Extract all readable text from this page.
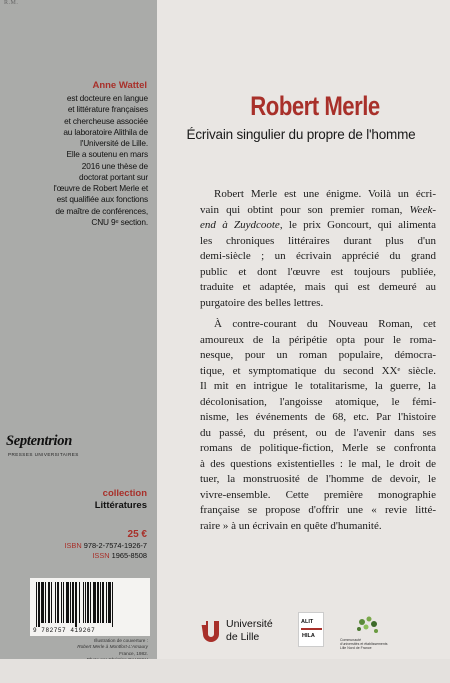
R.M.
Anne Wattel
est docteure en langue
et littérature françaises
et chercheuse associée
au laboratoire Alithila de
l'Université de Lille.
Elle a soutenu en mars
2016 une thèse de
doctorat portant sur
l'œuvre de Robert Merle et
est qualifiée aux fonctions
de maître de conférences,
CNU 9ᵉ section.
Septentrion
PRESSES UNIVERSITAIRES
collection
Littératures
25 €
ISBN 978-2-7574-1926-7
ISSN 1965-8508
9 782757 419267
Illustration de couverture :
Robert Merle à Montfort-L'Amaury
France, 1982.
Robert Merle
Écrivain singulier du propre de l'homme
Robert Merle est une énigme. Voilà un écri-
vain qui obtint pour son premier roman, Week-
end à Zuydcoote, le prix Goncourt, qui alimenta
les chroniques littéraires durant plus d'un
demi-siècle ; un écrivain apprécié du grand
public et dont l'œuvre est toujours publiée,
traduite et adaptée, mais qui est demeuré au
purgatoire des belles lettres.
À contre-courant du Nouveau Roman, cet
amoureux de la péripétie opta pour le roma-
nesque, pour un roman populaire, démocra-
tique, et symptomatique du second XXᵉ siècle.
Il mit en intrigue le totalitarisme, la guerre, la
décolonisation, l'angoisse atomique, le fémi-
nisme, les événements de 68, etc. Par l'histoire
du passé, du présent, ou de l'avenir dans ses
romans de politique-fiction, Merle se confronta
à des questions existentielles : le mal, le droit de
tuer, la monstruosité de l'homme de devoir, le
vivre-ensemble. Cette première monographie
française se propose d'offrir une « revie litté-
raire » à un écrivain en quête d'humanité.
Université
de Lille
ALIT
HILA
Communauté
d'universités et établissements
Lille Nord de France
